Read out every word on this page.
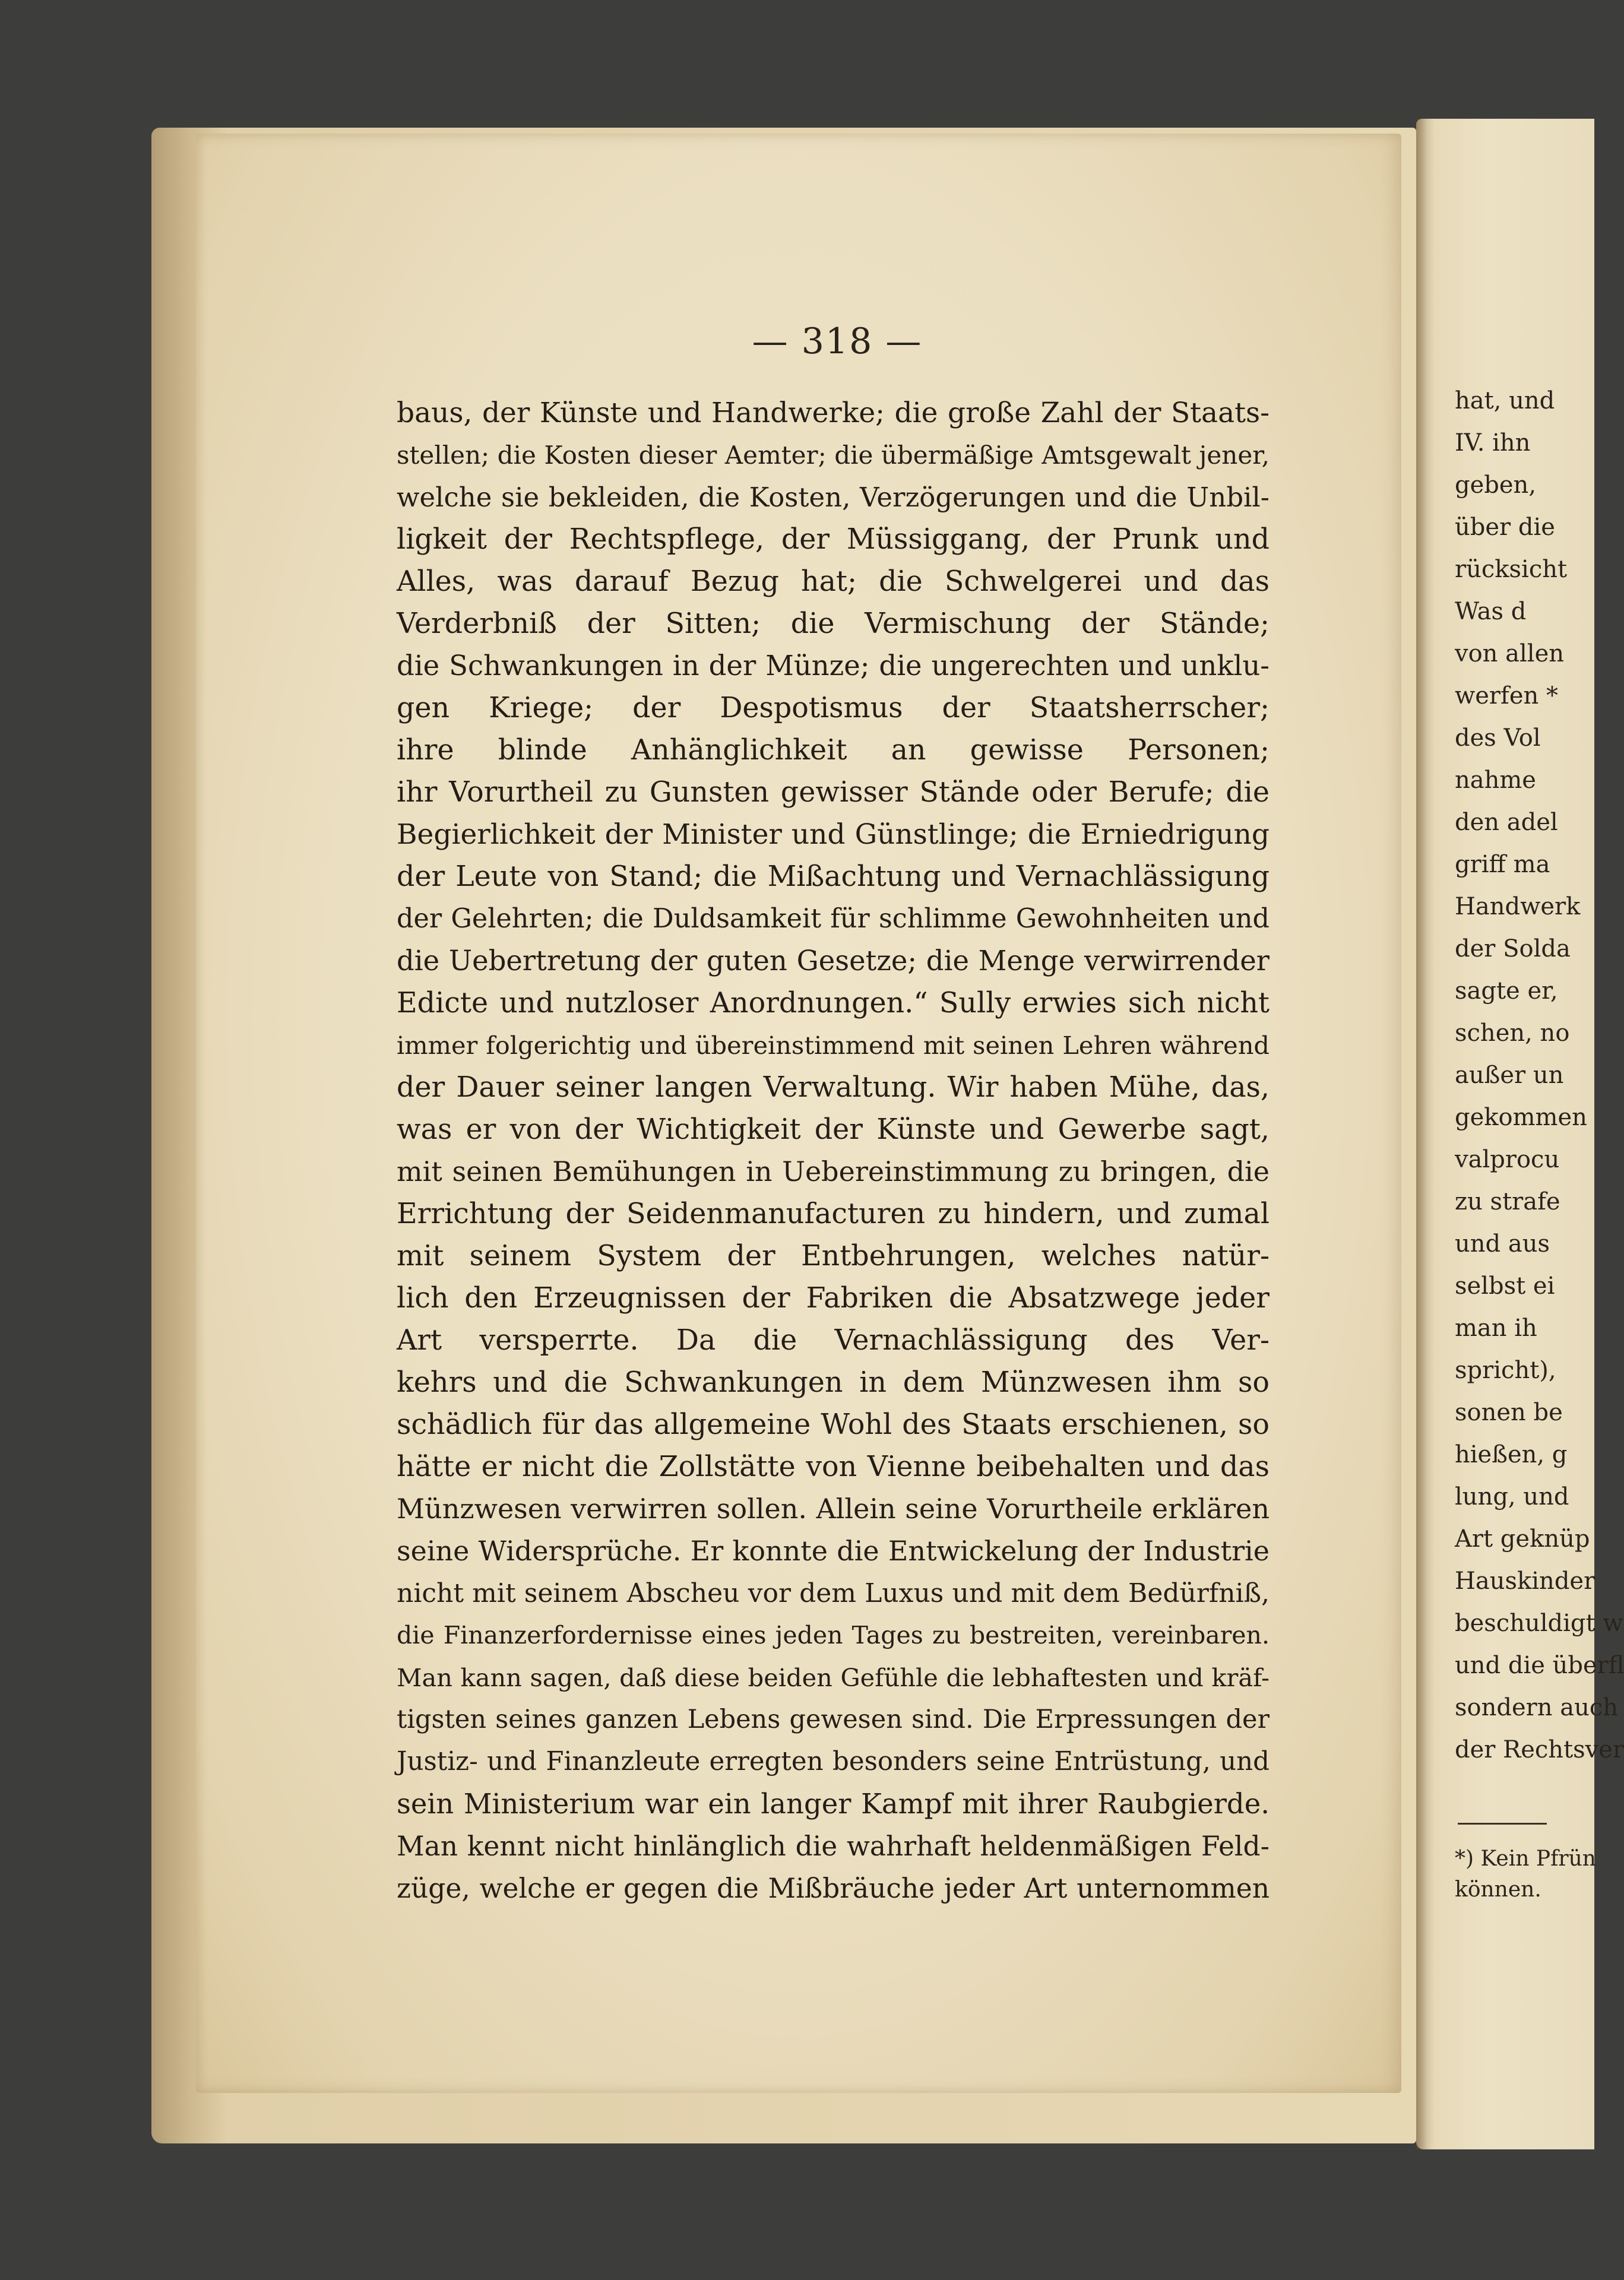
— 318 —
baus, der Künste und Handwerke; die große Zahl der Staats-
stellen; die Kosten dieser Aemter; die übermäßige Amtsgewalt jener,
welche sie bekleiden, die Kosten, Verzögerungen und die Unbil-
ligkeit der Rechtspflege, der Müssiggang, der Prunk und
Alles, was darauf Bezug hat; die Schwelgerei und das
Verderbniß der Sitten; die Vermischung der Stände;
die Schwankungen in der Münze; die ungerechten und unklu-
gen Kriege; der Despotismus der Staatsherrscher;
ihre blinde Anhänglichkeit an gewisse Personen;
ihr Vorurtheil zu Gunsten gewisser Stände oder Berufe; die
Begierlichkeit der Minister und Günstlinge; die Erniedrigung
der Leute von Stand; die Mißachtung und Vernachlässigung
der Gelehrten; die Duldsamkeit für schlimme Gewohnheiten und
die Uebertretung der guten Gesetze; die Menge verwirrender
Edicte und nutzloser Anordnungen.“ Sully erwies sich nicht
immer folgerichtig und übereinstimmend mit seinen Lehren während
der Dauer seiner langen Verwaltung. Wir haben Mühe, das,
was er von der Wichtigkeit der Künste und Gewerbe sagt,
mit seinen Bemühungen in Uebereinstimmung zu bringen, die
Errichtung der Seidenmanufacturen zu hindern, und zumal
mit seinem System der Entbehrungen, welches natür-
lich den Erzeugnissen der Fabriken die Absatzwege jeder
Art versperrte. Da die Vernachlässigung des Ver-
kehrs und die Schwankungen in dem Münzwesen ihm so
schädlich für das allgemeine Wohl des Staats erschienen, so
hätte er nicht die Zollstätte von Vienne beibehalten und das
Münzwesen verwirren sollen. Allein seine Vorurtheile erklären
seine Widersprüche. Er konnte die Entwickelung der Industrie
nicht mit seinem Abscheu vor dem Luxus und mit dem Bedürfniß,
die Finanzerfordernisse eines jeden Tages zu bestreiten, vereinbaren.
Man kann sagen, daß diese beiden Gefühle die lebhaftesten und kräf-
tigsten seines ganzen Lebens gewesen sind. Die Erpressungen der
Justiz- und Finanzleute erregten besonders seine Entrüstung, und
sein Ministerium war ein langer Kampf mit ihrer Raubgierde.
Man kennt nicht hinlänglich die wahrhaft heldenmäßigen Feld-
züge, welche er gegen die Mißbräuche jeder Art unternommen
hat, und
IV. ihn
geben,
über die
rücksicht
Was d
von allen
werfen *
des Vol
nahme
den adel
griff ma
Handwerk
der Solda
sagte er,
schen, no
außer un
gekommen
valprocu
zu strafe
und aus
selbst ei
man ih
spricht),
sonen be
hießen, g
lung, und
Art geknüp
Hauskinder
beschuldigt w
und die überfl
sondern auch
der Rechtsver
*) Kein Pfrün
können.
